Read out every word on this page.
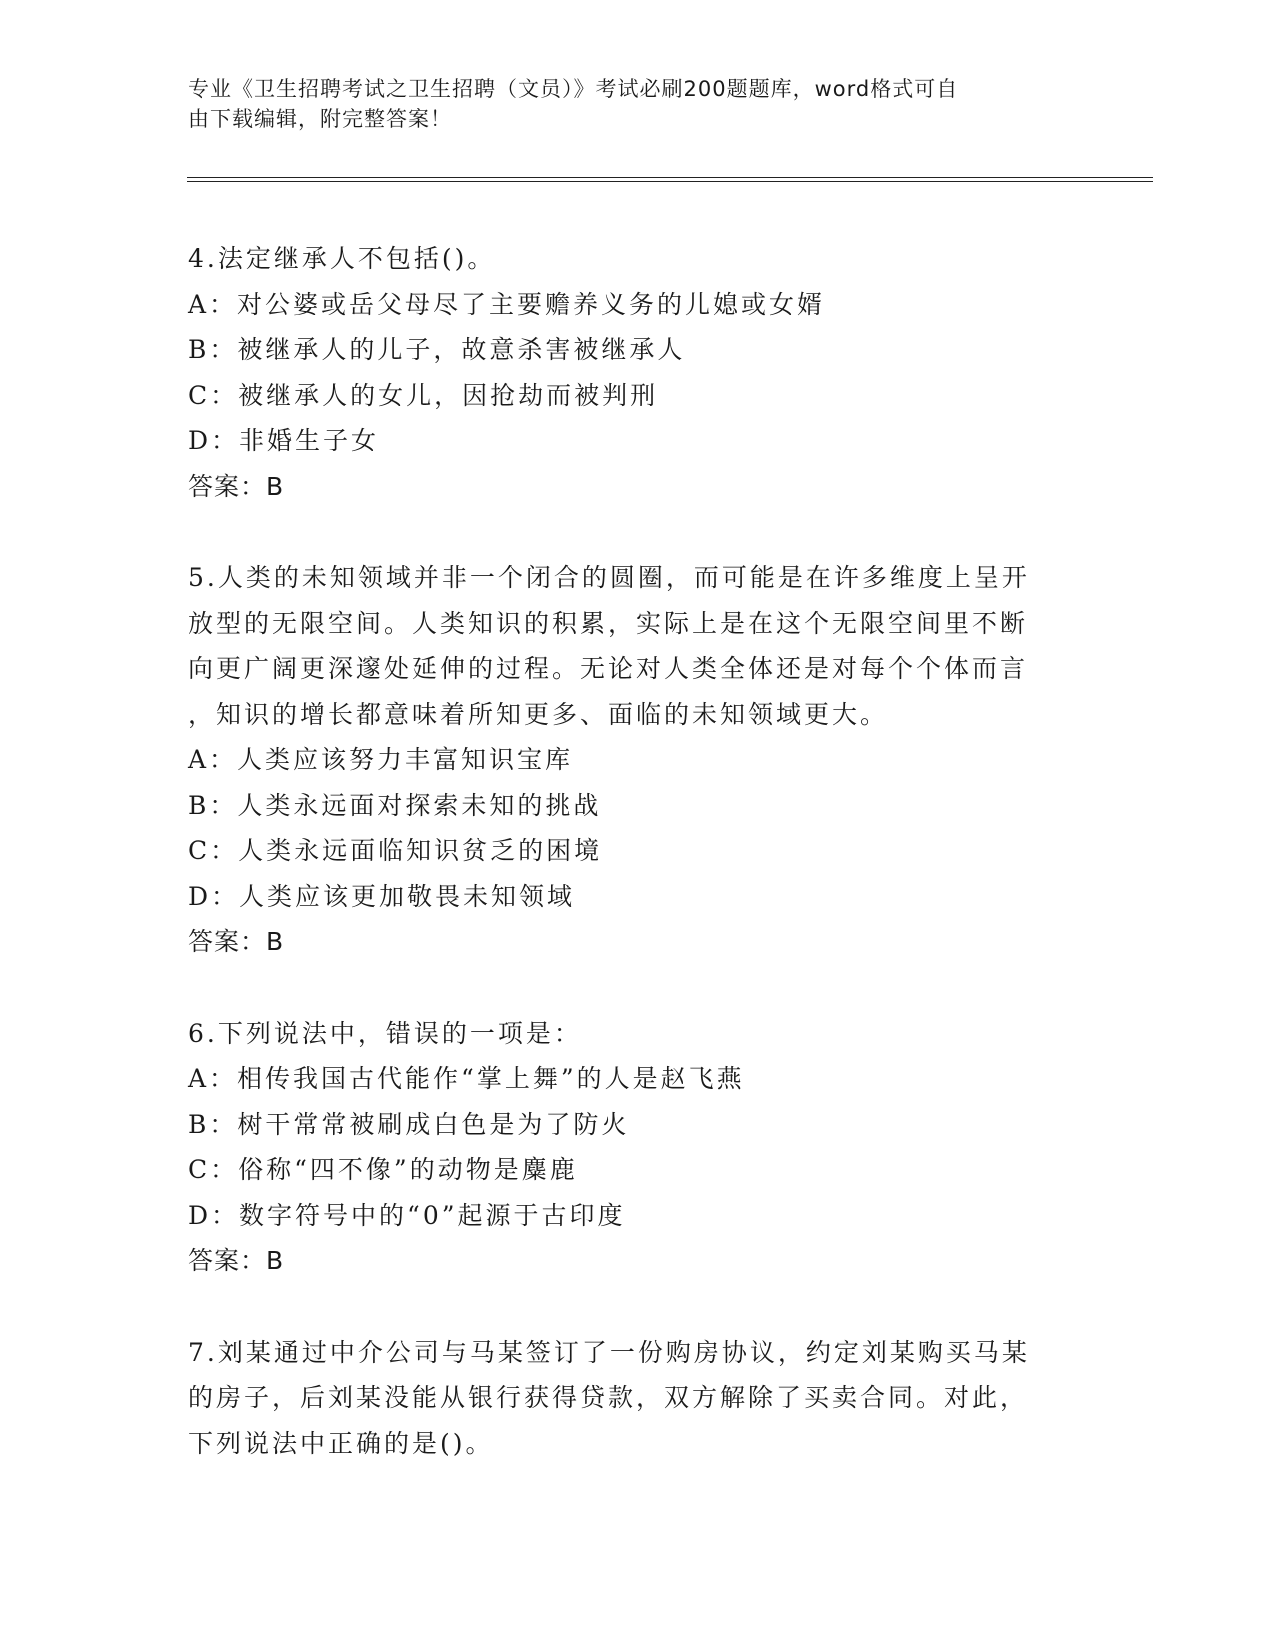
专业《卫生招聘考试之卫生招聘（文员）》考试必刷200题题库，word格式可自
由下载编辑，附完整答案！
4.法定继承人不包括()。
A：对公婆或岳父母尽了主要赡养义务的儿媳或女婿
B：被继承人的儿子，故意杀害被继承人
C：被继承人的女儿，因抢劫而被判刑
D：非婚生子女
答案：B
5.人类的未知领域并非一个闭合的圆圈，而可能是在许多维度上呈开
放型的无限空间。人类知识的积累，实际上是在这个无限空间里不断
向更广阔更深邃处延伸的过程。无论对人类全体还是对每个个体而言
，知识的增长都意味着所知更多、面临的未知领域更大。
A：人类应该努力丰富知识宝库
B：人类永远面对探索未知的挑战
C：人类永远面临知识贫乏的困境
D：人类应该更加敬畏未知领域
答案：B
6.下列说法中，错误的一项是：
A：相传我国古代能作“掌上舞”的人是赵飞燕
B：树干常常被刷成白色是为了防火
C：俗称“四不像”的动物是麋鹿
D：数字符号中的“0”起源于古印度
答案：B
7.刘某通过中介公司与马某签订了一份购房协议，约定刘某购买马某
的房子，后刘某没能从银行获得贷款，双方解除了买卖合同。对此，
下列说法中正确的是()。
